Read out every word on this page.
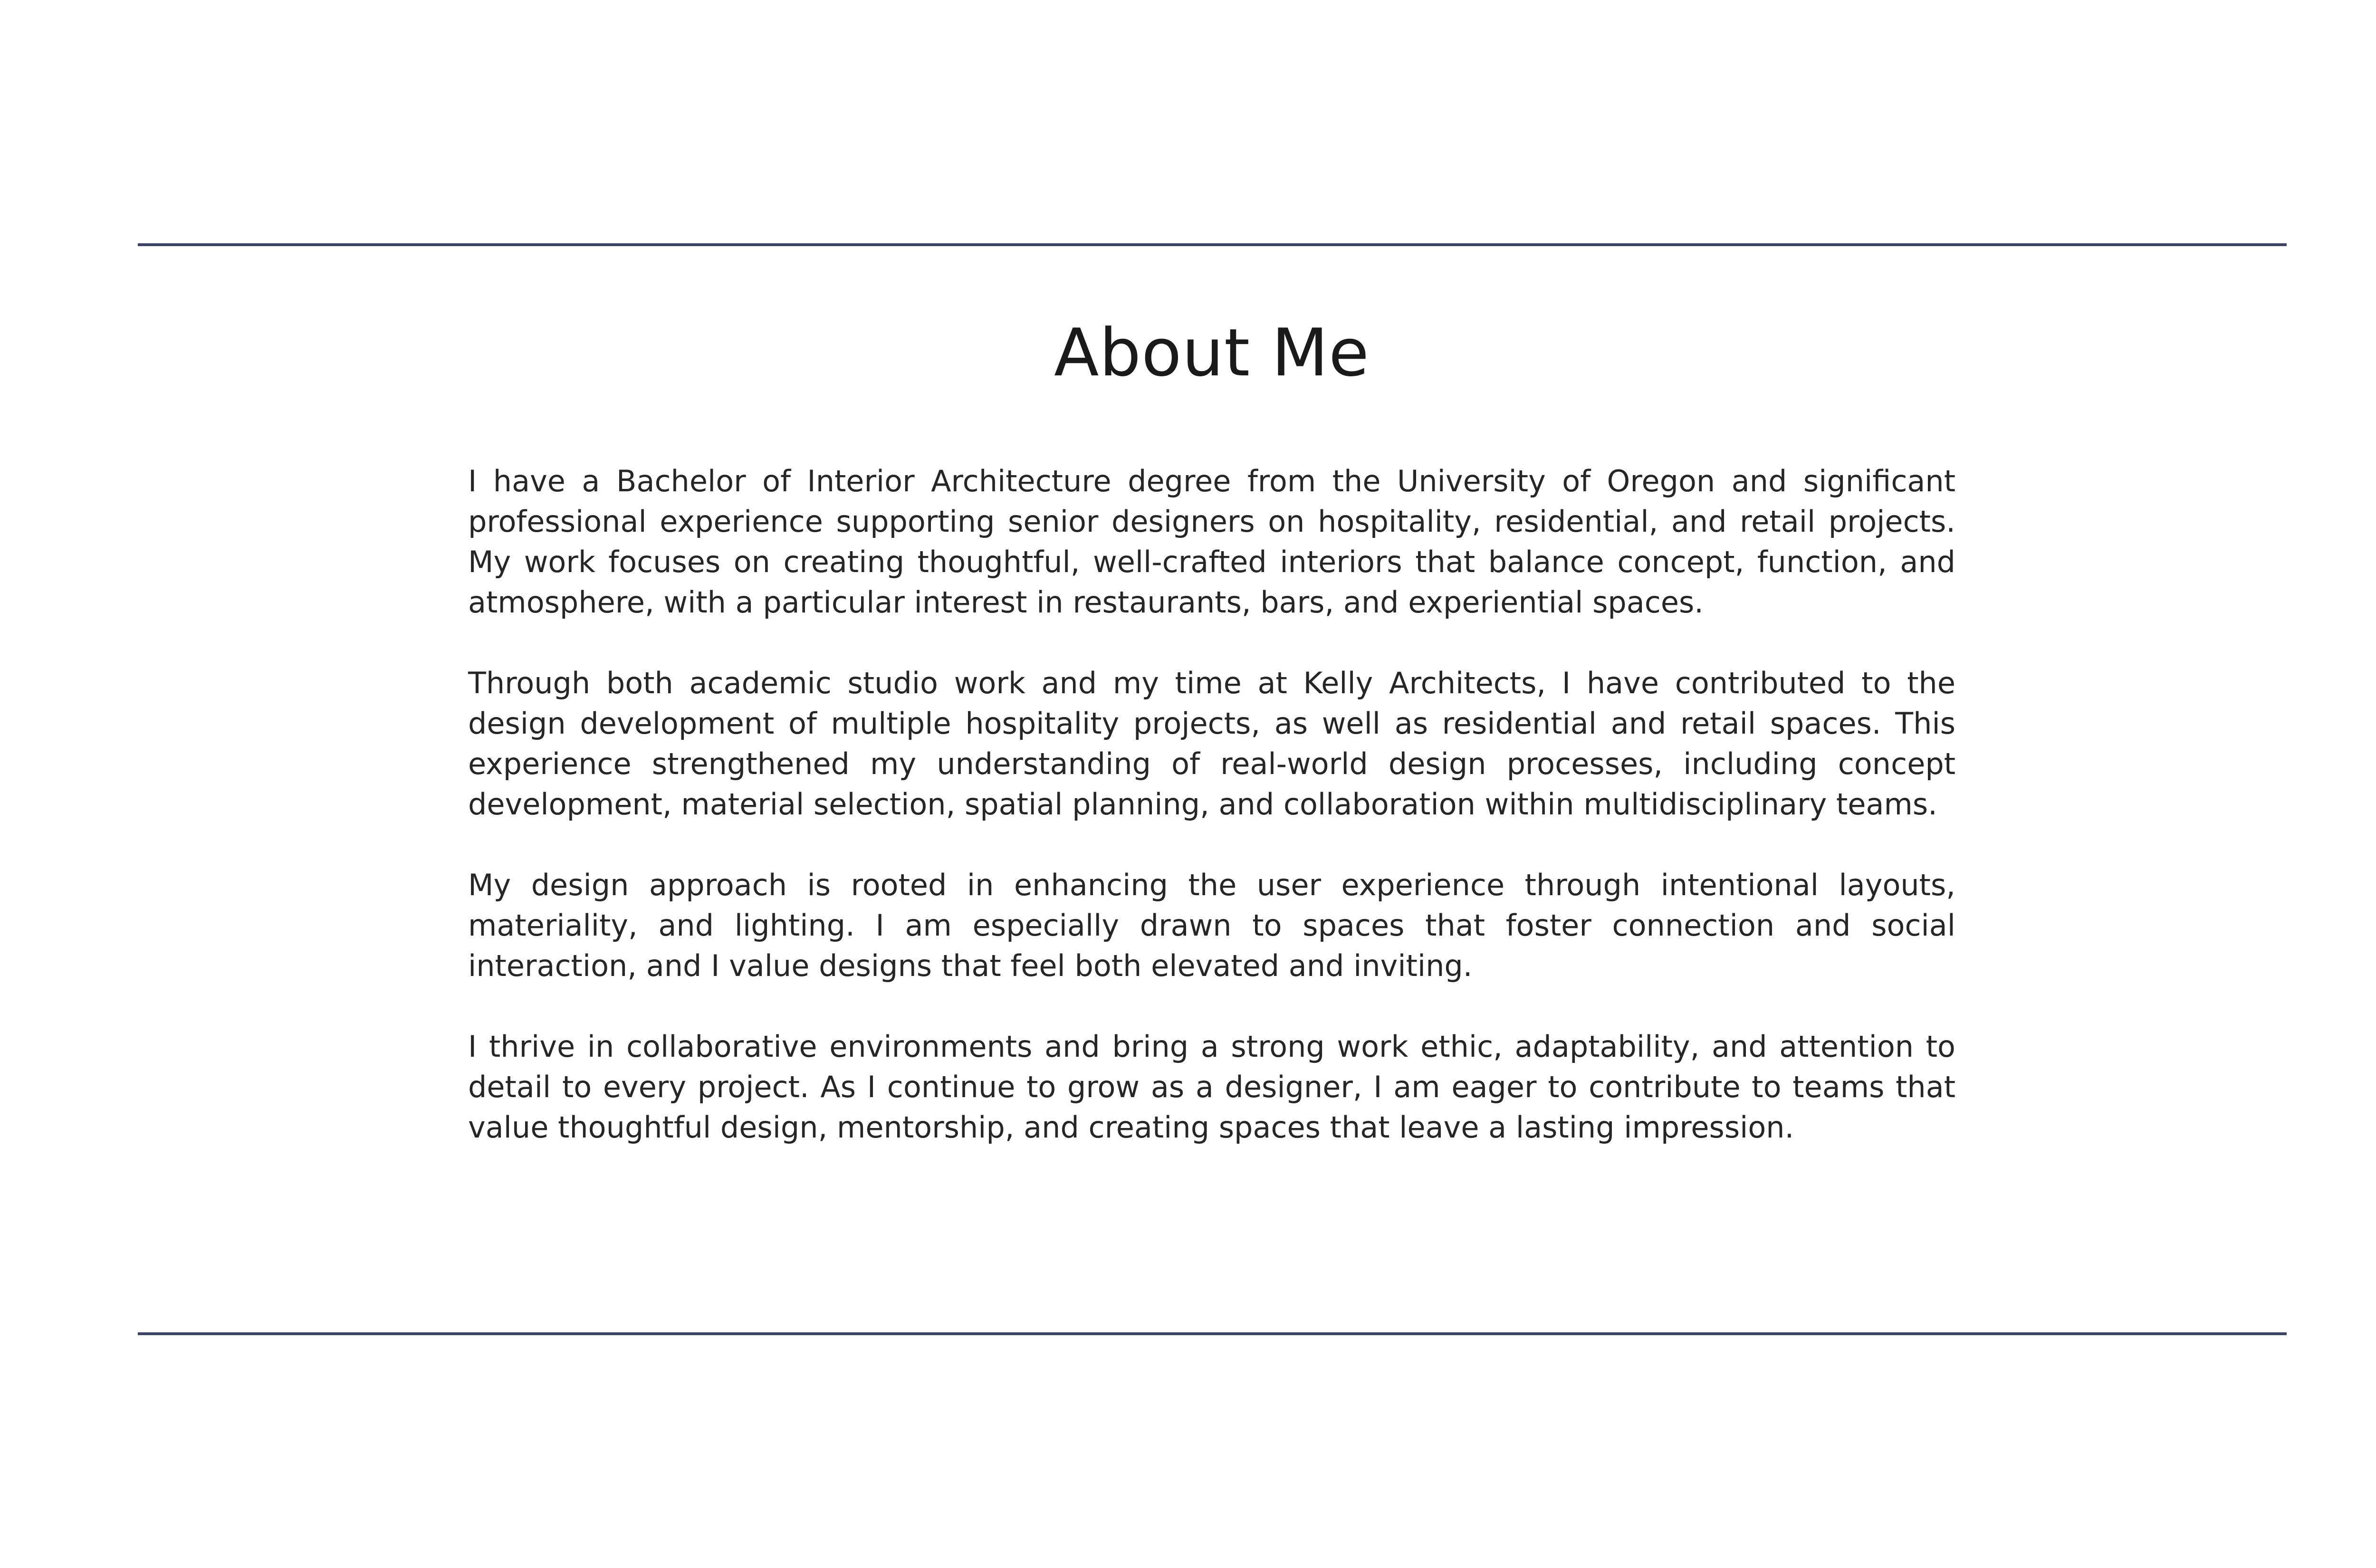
About Me

I have a Bachelor of Interior Architecture degree from the University of Oregon and significant professional experience supporting senior designers on hospitality, residential, and retail projects. My work focuses on creating thoughtful, well-crafted interiors that balance concept, function, and atmosphere, with a particular interest in restaurants, bars, and experiential spaces.

Through both academic studio work and my time at Kelly Architects, I have contributed to the design development of multiple hospitality projects, as well as residential and retail spaces. This experience strengthened my understanding of real-world design processes, including concept development, material selection, spatial planning, and collaboration within multidisciplinary teams.

My design approach is rooted in enhancing the user experience through intentional layouts, materiality, and lighting. I am especially drawn to spaces that foster connection and social interaction, and I value designs that feel both elevated and inviting.

I thrive in collaborative environments and bring a strong work ethic, adaptability, and attention to detail to every project. As I continue to grow as a designer, I am eager to contribute to teams that value thoughtful design, mentorship, and creating spaces that leave a lasting impression.
